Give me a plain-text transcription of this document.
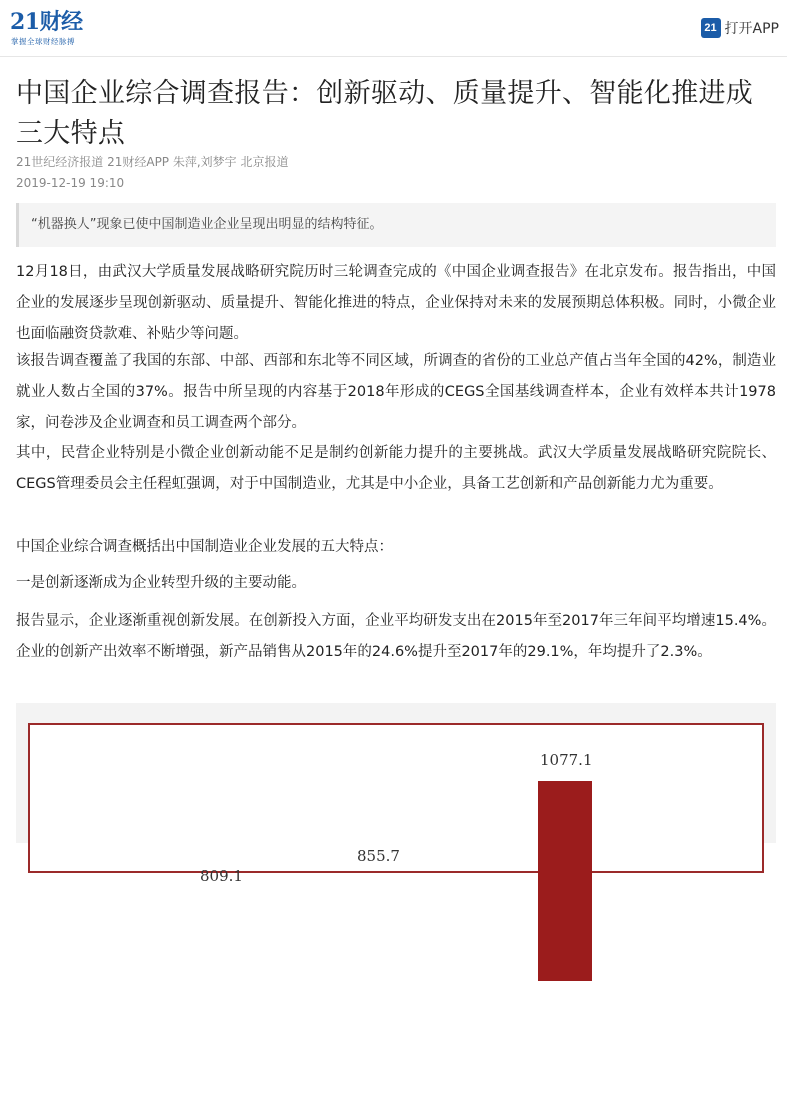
21财经
掌握全球财经脉搏
21 打开APP
中国企业综合调查报告：创新驱动、质量提升、智能化推进成三大特点
21世纪经济报道 21财经APP 朱萍,刘梦宇 北京报道
2019-12-19 19:10
“机器换人”现象已使中国制造业企业呈现出明显的结构特征。

12月18日，由武汉大学质量发展战略研究院历时三轮调查完成的《中国企业调查报告》在北京发布。报告指出，中国企业的发展逐步呈现创新驱动、质量提升、智能化推进的特点，企业保持对未来的发展预期总体积极。同时，小微企业也面临融资贷款难、补贴少等问题。

该报告调查覆盖了我国的东部、中部、西部和东北等不同区域，所调查的省份的工业总产值占当年全国的42%，制造业就业人数占全国的37%。报告中所呈现的内容基于2018年形成的CEGS全国基线调查样本，企业有效样本共计1978家，问卷涉及企业调查和员工调查两个部分。

其中，民营企业特别是小微企业创新动能不足是制约创新能力提升的主要挑战。武汉大学质量发展战略研究院院长、CEGS管理委员会主任程虹强调，对于中国制造业，尤其是中小企业，具备工艺创新和产品创新能力尤为重要。

中国企业综合调查概括出中国制造业企业发展的五大特点：

一是创新逐渐成为企业转型升级的主要动能。

报告显示，企业逐渐重视创新发展。在创新投入方面，企业平均研发支出在2015年至2017年三年间平均增速15.4%。企业的创新产出效率不断增强，新产品销售从2015年的24.6%提升至2017年的29.1%，年均提升了2.3%。

809.1
855.7
1077.1
